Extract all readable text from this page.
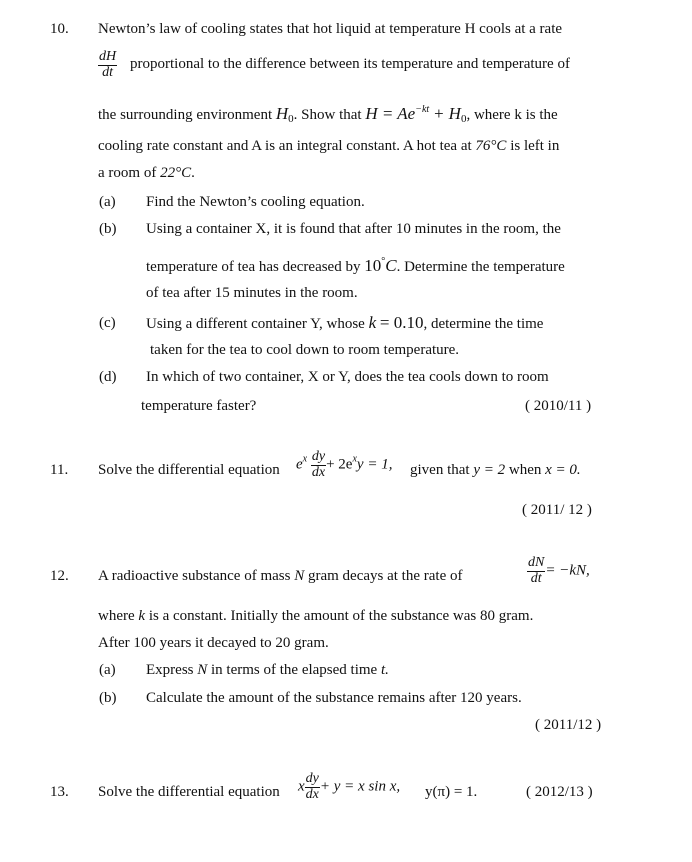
10. Newton’s law of cooling states that hot liquid at temperature H cools at a rate
$\frac{dH}{dt}$ proportional to the difference between its temperature and temperature of
the surrounding environment $H_0$. Show that $H = Ae^{-kt} + H_0$, where k is the
cooling rate constant and A is an integral constant. A hot tea at 76°C is left in
a room of 22°C.
(a) Find the Newton’s cooling equation.
(b) Using a container X, it is found that after 10 minutes in the room, the
temperature of tea has decreased by 10°C. Determine the temperature
of tea after 15 minutes in the room.
(c) Using a different container Y, whose k = 0.10, determine the time
taken for the tea to cool down to room temperature.
(d) In which of two container, X or Y, does the tea cools down to room
temperature faster?	( 2010/11 )
11. Solve the differential equation $e^x \frac{dy}{dx} + 2e^xy = 1$, given that y = 2 when x = 0.
( 2011/ 12 )
12. A radioactive substance of mass N gram decays at the rate of	$\frac{dN}{dt} = -kN$,
where k is a constant. Initially the amount of the substance was 80 gram.
After 100 years it decayed to 20 gram.
(a) Express N in terms of the elapsed time t.
(b) Calculate the amount of the substance remains after 120 years.
( 2011/12 )
13. Solve the differential equation x $\frac{dy}{dx} + y = x$ sin x, y(π) = 1.	( 2012/13 )
